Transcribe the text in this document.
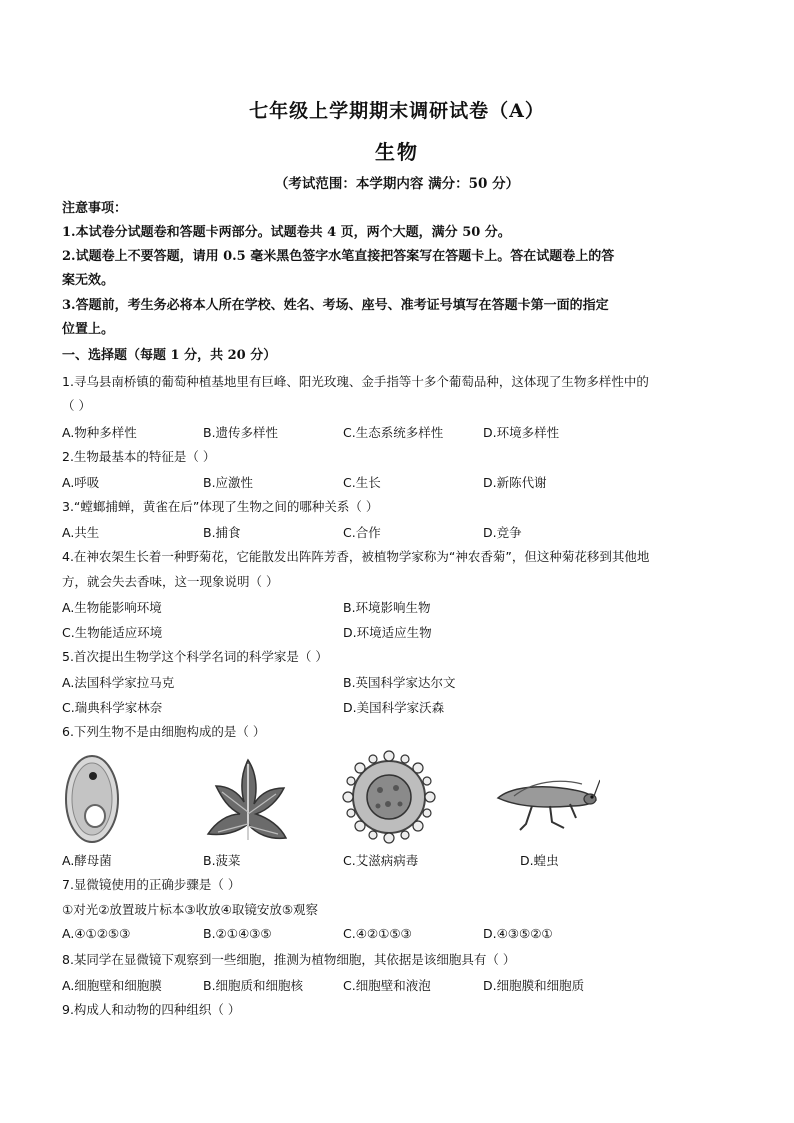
七年级上学期期末调研试卷（A）
生物
（考试范围：本学期内容 满分：50 分）
注意事项：
1.本试卷分试题卷和答题卡两部分。试题卷共 4 页，两个大题，满分 50 分。
2.试题卷上不要答题，请用 0.5 毫米黑色签字水笔直接把答案写在答题卡上。答在试题卷上的答
案无效。
3.答题前，考生务必将本人所在学校、姓名、考场、座号、准考证号填写在答题卡第一面的指定
位置上。
一、选择题（每题 1 分，共 20 分）
1.寻乌县南桥镇的葡萄种植基地里有巨峰、阳光玫瑰、金手指等十多个葡萄品种，这体现了生物多样性中的
（ ）
A.物种多样性	B.遗传多样性	C.生态系统多样性	D.环境多样性
2.生物最基本的特征是（ ）
A.呼吸	B.应激性	C.生长	D.新陈代谢
3.“螳螂捕蝉，黄雀在后”体现了生物之间的哪种关系（ ）
A.共生	B.捕食	C.合作	D.竞争
4.在神农架生长着一种野菊花，它能散发出阵阵芳香，被植物学家称为“神农香菊”，但这种菊花移到其他地
方，就会失去香味，这一现象说明（ ）
A.生物能影响环境	B.环境影响生物
C.生物能适应环境	D.环境适应生物
5.首次提出生物学这个科学名词的科学家是（ ）
A.法国科学家拉马克	B.英国科学家达尔文
C.瑞典科学家林奈	D.美国科学家沃森
6.下列生物不是由细胞构成的是（ ）
A.酵母菌	B.菠菜	C.艾滋病病毒	D.蝗虫
7.显微镜使用的正确步骤是（ ）
①对光②放置玻片标本③收放④取镜安放⑤观察
A.④①②⑤③	B.②①④③⑤	C.④②①⑤③	D.④③⑤②①
8.某同学在显微镜下观察到一些细胞，推测为植物细胞，其依据是该细胞具有（ ）
A.细胞壁和细胞膜	B.细胞质和细胞核	C.细胞壁和液泡	D.细胞膜和细胞质
9.构成人和动物的四种组织（ ）
